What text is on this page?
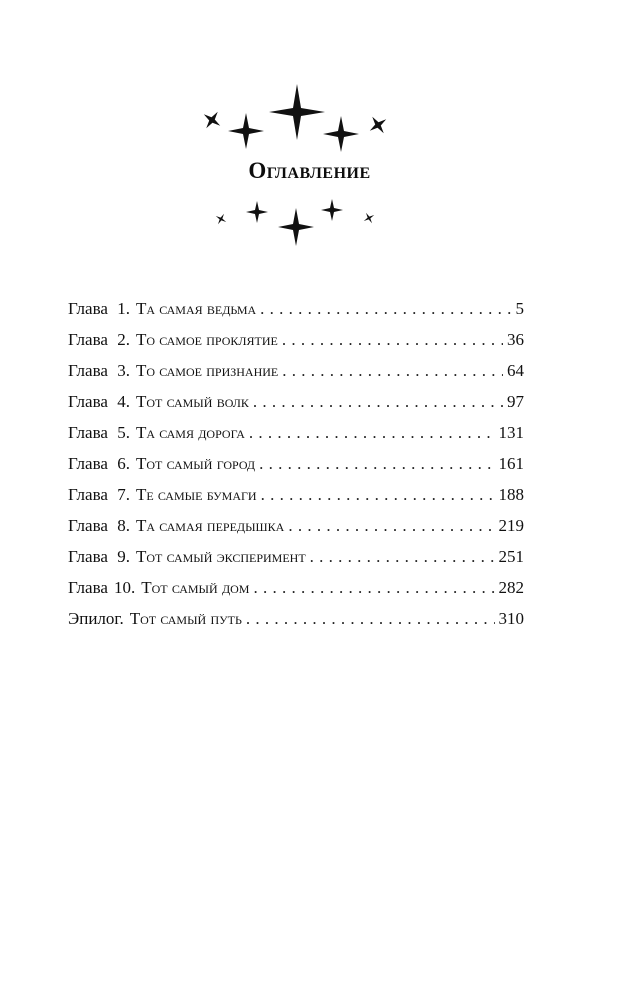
Оглавление
Глава 1. Та самая ведьма . . .	5
Глава 2. То самое проклятие . . .	36
Глава 3. То самое признание . . .	64
Глава 4. Тот самый волк . . .	97
Глава 5. Та самя дорога . . .	131
Глава 6. Тот самый город . . .	161
Глава 7. Те самые бумаги . . .	188
Глава 8. Та самая передышка . . .	219
Глава 9. Тот самый эксперимент . . .	251
Глава 10. Тот самый дом . . .	282
Эпилог. Тот самый путь . . .	310
